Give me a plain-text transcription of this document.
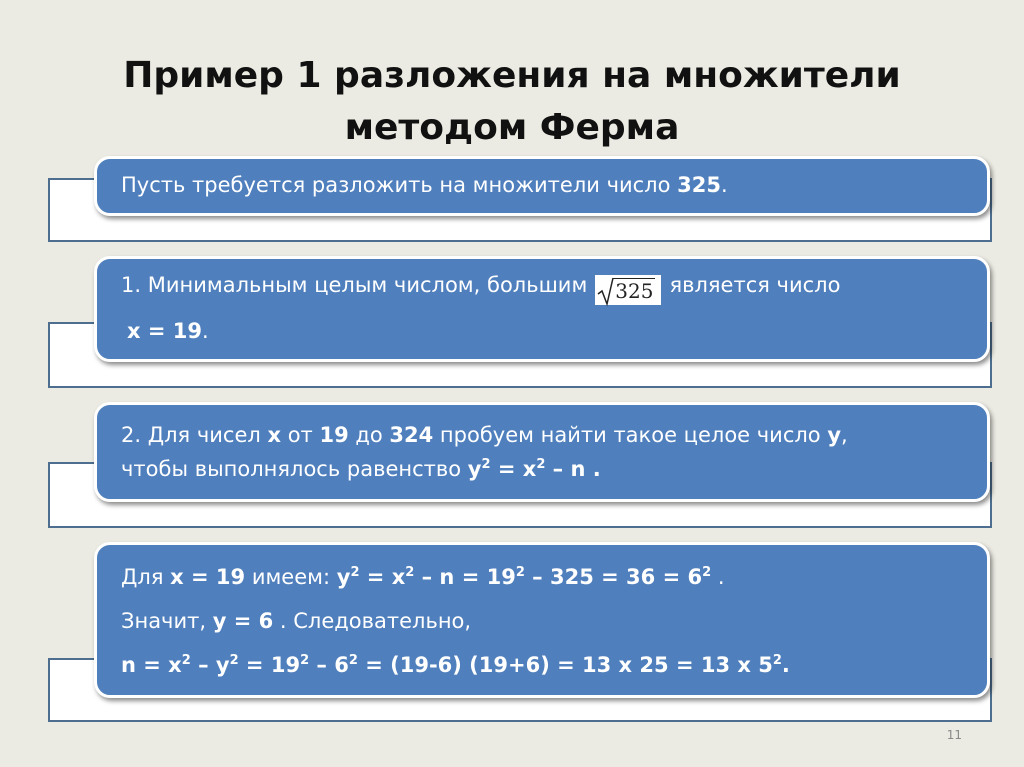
Пример 1 разложения на множители
методом Ферма
Пусть требуется разложить на множители число 325.
1. Минимальным целым числом, большим 325 является число
x = 19.
2. Для чисел x от 19 до 324 пробуем найти такое целое число y,
чтобы выполнялось равенство $y^2 = x^2 - n$ .
Для x = 19 имеем: $y^2 = x^2 - n = 19^2 - 325 = 36 = 6^2$ .
Значит, y = 6 . Следовательно,
$n = x^2 - y^2 = 19^2 - 6^2 = (19-6) (19+6) = 13$ x 25 = 13 x $5^2$.
11
